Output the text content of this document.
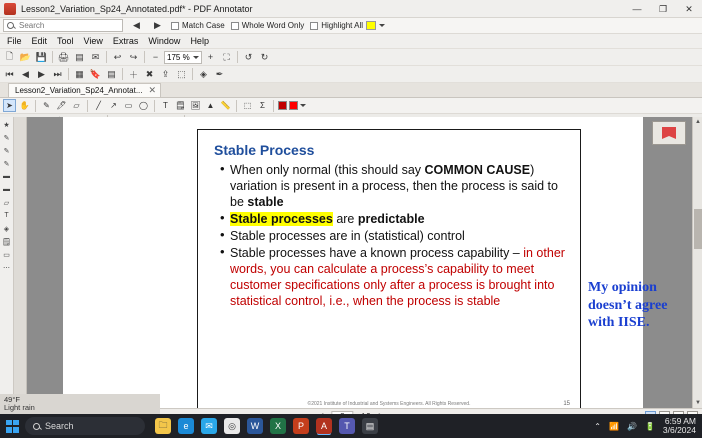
Lesson2_Variation_Sp24_Annotated.pdf* - PDF Annotator	—	❐	✕
Search
◀	▶	Match Case Whole Word Only Highlight All
File	Edit	Tool	View	Extras	Window	Help
🗋 📂 💾 🖨 ▤ ✉	↩ ↪	−	175 %	+	⛶	↺ ↻
⏮ ◀	▶ ⏭	▦ 🔖 ▤	＋ ✖ ⇪ ⬚	◈ ✒
Lesson2_Variation_Sp24_Annotat... ✕
➤ ✋	✎ 🖊 ▱	╱	↗ ▭ ◯	T 🗒 🖼 ▲ 📏	⬚	Σ
★
✎
✎
✎
▬
▬
▱
T
◈
🗒
▭
⋯
Stable Process
• When only normal (this should say COMMON CAUSE) variation is present in a process, then the process is said to be stable
• Stable processes are predictable
• Stable processes are in (statistical) control
• Stable processes have a known process capability – in other words, you can calculate a process’s capability to meet customer specifications only after a process is brought into statistical control, i.e., when the process is stable
©2021 Institute of Industrial and Systems Engineers. All Rights Reserved.	15
My opinion doesn’t agree with IISE.
▲
▼
49°F
Light rain
Search	🗀	e	✉	◎	W	X	P	A	T	▤	⌃ 📶 🔊 🔋
6:59 AM
3/6/2024
